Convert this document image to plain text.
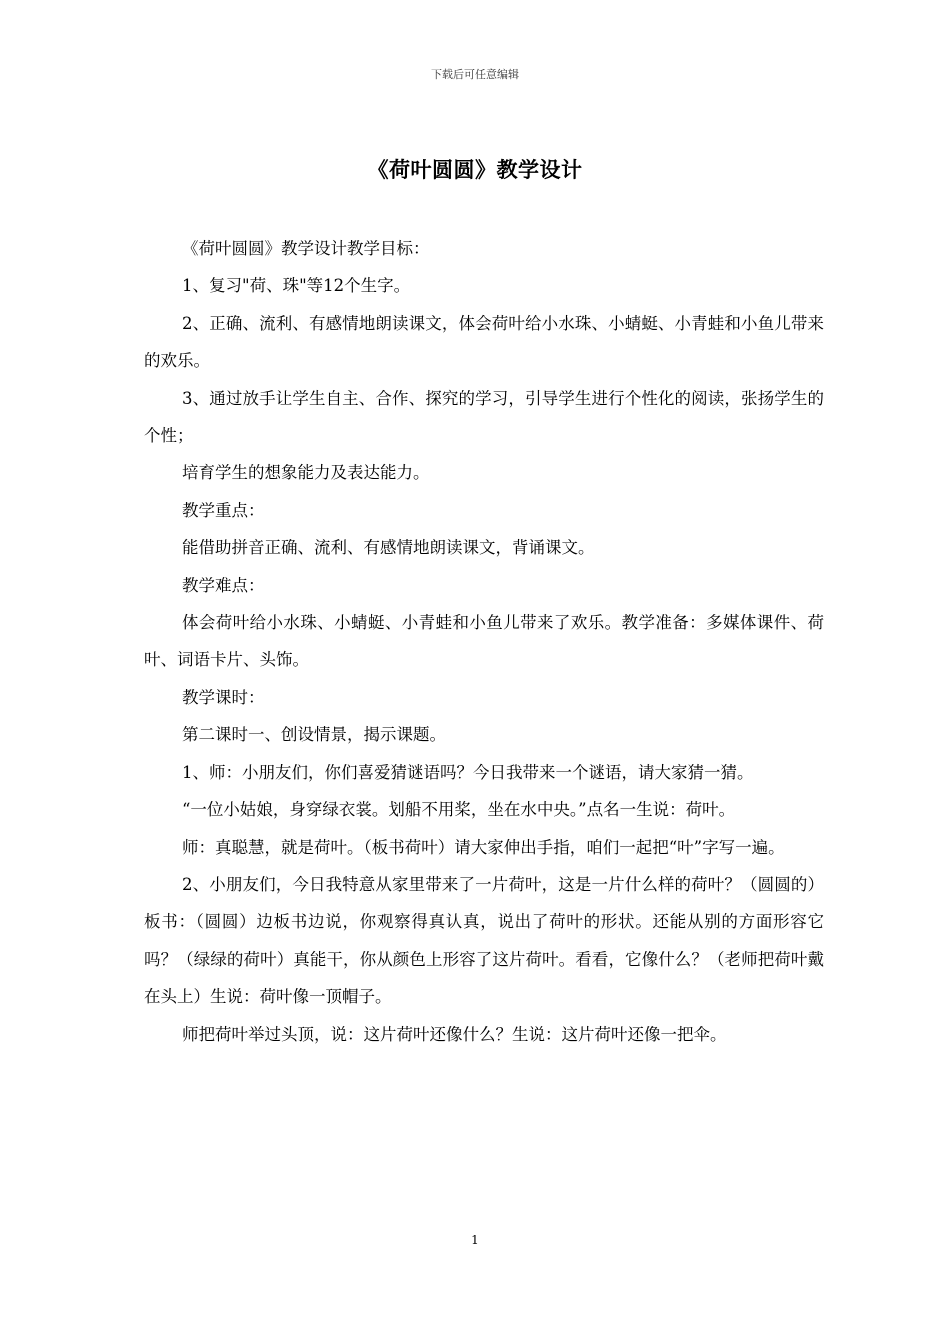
下载后可任意编辑
《荷叶圆圆》教学设计

《荷叶圆圆》教学设计教学目标：

1、复习"荷、珠"等12个生字。

2、正确、流利、有感情地朗读课文，体会荷叶给小水珠、小蜻蜓、小青蛙和小鱼儿带来的欢乐。

3、通过放手让学生自主、合作、探究的学习，引导学生进行个性化的阅读，张扬学生的个性；

培育学生的想象能力及表达能力。

教学重点：

能借助拼音正确、流利、有感情地朗读课文，背诵课文。

教学难点：

体会荷叶给小水珠、小蜻蜓、小青蛙和小鱼儿带来了欢乐。教学准备：多媒体课件、荷叶、词语卡片、头饰。

教学课时：

第二课时一、创设情景，揭示课题。

1、师：小朋友们，你们喜爱猜谜语吗？今日我带来一个谜语，请大家猜一猜。

“一位小姑娘，身穿绿衣裳。划船不用桨，坐在水中央。”点名一生说：荷叶。

师：真聪慧，就是荷叶。（板书荷叶）请大家伸出手指，咱们一起把“叶”字写一遍。

2、小朋友们，今日我特意从家里带来了一片荷叶，这是一片什么样的荷叶？（圆圆的）板书：（圆圆）边板书边说，你观察得真认真，说出了荷叶的形状。还能从别的方面形容它吗？（绿绿的荷叶）真能干，你从颜色上形容了这片荷叶。看看，它像什么？（老师把荷叶戴在头上）生说：荷叶像一顶帽子。

师把荷叶举过头顶，说：这片荷叶还像什么？生说：这片荷叶还像一把伞。

1
